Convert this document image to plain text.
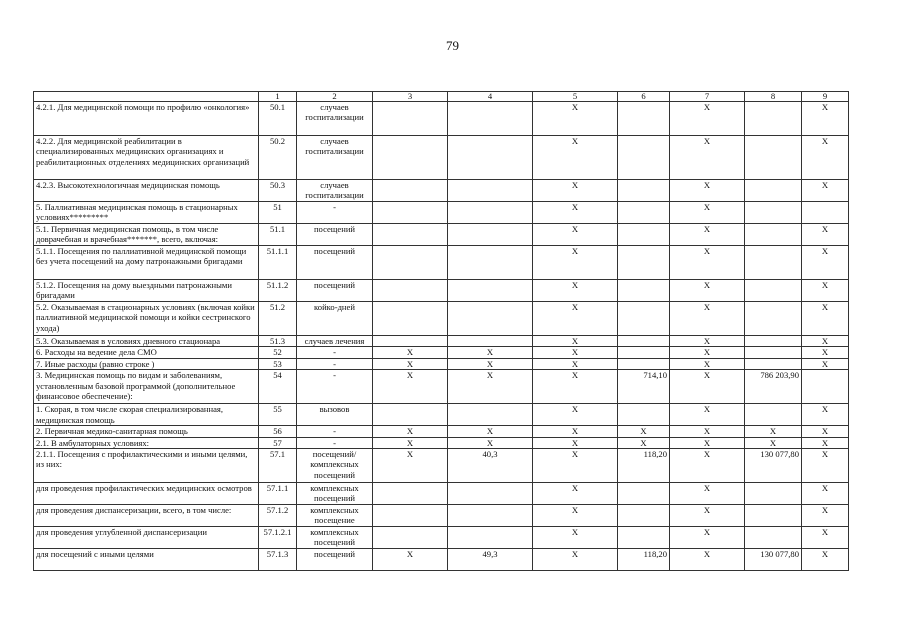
79
	1	2	3	4	5	6	7	8	9
4.2.1. Для медицинской помощи по профилю «онкология»	50.1	случаев госпитализации			X		X		X
4.2.2. Для медицинской реабилитации в специализированных медицинских организациях и реабилитационных отделениях медицинских организаций	50.2	случаев госпитализации			X		X		X
4.2.3. Высокотехнологичная медицинская помощь	50.3	случаев госпитализации			X		X		X
5. Паллиативная медицинская помощь в стационарных условиях*********	51	-			X		X		
5.1. Первичная медицинская помощь, в том числе доврачебная и врачебная*******, всего, включая:	51.1	посещений			X		X		X
5.1.1. Посещения по паллиативной медицинской помощи без учета посещений на дому патронажными бригадами	51.1.1	посещений			X		X		X
5.1.2. Посещения на дому выездными патронажными бригадами	51.1.2	посещений			X		X		X
5.2. Оказываемая в стационарных условиях (включая койки паллиативной медицинской помощи и койки сестринского ухода)	51.2	койко-дней			X		X		X
5.3. Оказываемая в условиях дневного стационара	51.3	случаев лечения			X		X		X
6. Расходы на ведение дела СМО	52	-	X	X	X		X		X
7. Иные расходы (равно строке )	53	-	X	X	X		X		X
3. Медицинская помощь по видам и заболеваниям, установленным базовой программой (дополнительное финансовое обеспечение):	54	-	X	X	X	714,10	X	786 203,90	
1. Скорая, в том числе скорая специализированная, медицинская помощь	55	вызовов			X		X		X
2. Первичная медико-санитарная помощь	56	-	X	X	X	X	X	X	X
2.1. В амбулаторных условиях:	57	-	X	X	X	X	X	X	X
2.1.1. Посещения с профилактическими и иными целями, из них:	57.1	посещений/ комплексных посещений	X	40,3	X	118,20	X	130 077,80	X
для проведения профилактических медицинских осмотров	57.1.1	комплексных посещений			X		X		X
для проведения диспансеризации, всего, в том числе:	57.1.2	комплексных посещение			X		X		X
для проведения углубленной диспансеризации	57.1.2.1	комплексных посещений			X		X		X
для посещений с иными целями	57.1.3	посещений	X	49,3	X	118,20	X	130 077,80	X
